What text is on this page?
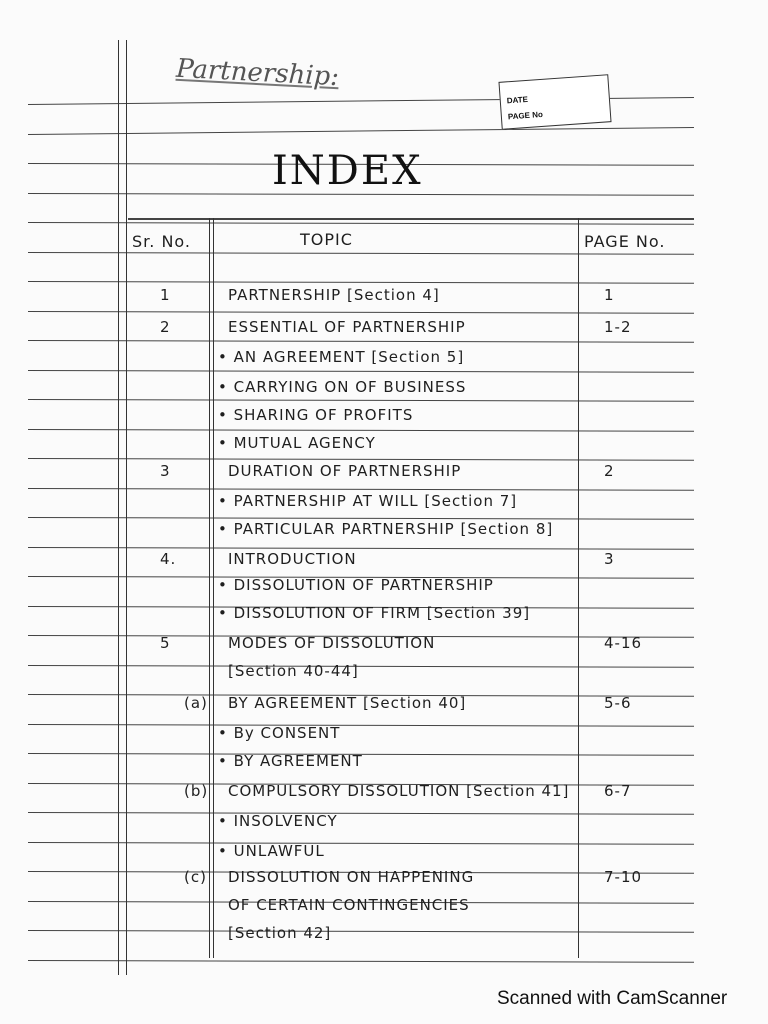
Partnership:
DATE
PAGE No
INDEX
Sr. No.	TOPIC	PAGE No.
1	PARTNERSHIP [Section 4]	1
2	ESSENTIAL OF PARTNERSHIP	1-2
• AN AGREEMENT [Section 5]
• CARRYING ON OF BUSINESS
• SHARING OF PROFITS
• MUTUAL AGENCY
3	DURATION OF PARTNERSHIP	2
• PARTNERSHIP AT WILL [Section 7]
• PARTICULAR PARTNERSHIP [Section 8]
4.	INTRODUCTION	3
• DISSOLUTION OF PARTNERSHIP
• DISSOLUTION OF FIRM [Section 39]
5	MODES OF DISSOLUTION	4-16
[Section 40-44]
(a) BY AGREEMENT [Section 40]	5-6
• By CONSENT
• BY AGREEMENT
(b) COMPULSORY DISSOLUTION [Section 41] 6-7
• INSOLVENCY
• UNLAWFUL
(c) DISSOLUTION ON HAPPENING	7-10
OF CERTAIN CONTINGENCIES
[Section 42]
Scanned with CamScanner
